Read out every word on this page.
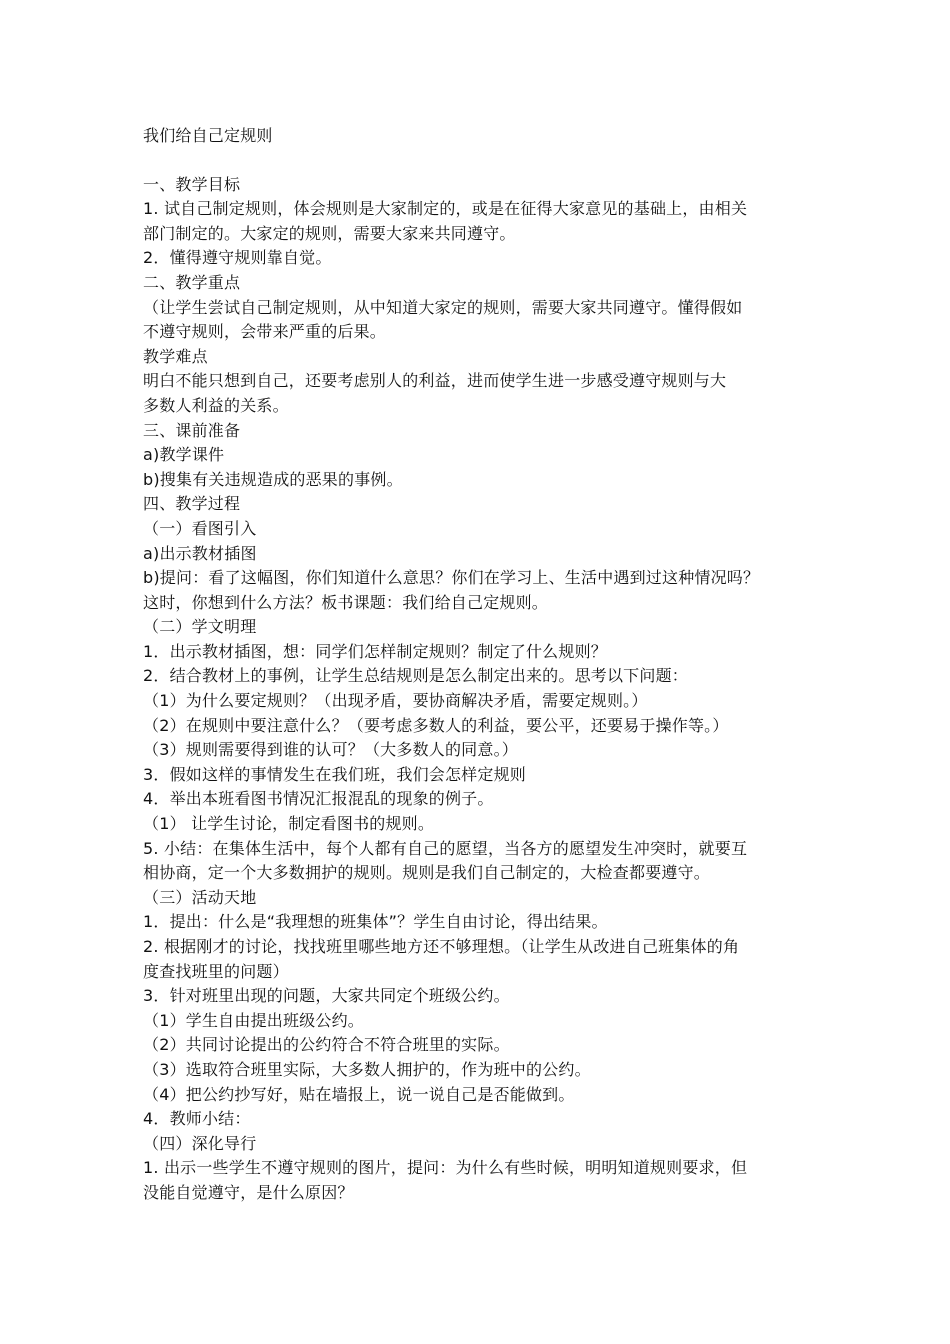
我们给自己定规则

一、教学目标

1. 试自己制定规则，体会规则是大家制定的，或是在征得大家意见的基础上，由相关

部门制定的。大家定的规则，需要大家来共同遵守。

2．懂得遵守规则靠自觉。

二、教学重点

（让学生尝试自己制定规则，从中知道大家定的规则，需要大家共同遵守。懂得假如

不遵守规则，会带来严重的后果。

教学难点

明白不能只想到自己，还要考虑别人的利益，进而使学生进一步感受遵守规则与大

多数人利益的关系。

三、课前准备

a)教学课件

b)搜集有关违规造成的恶果的事例。

四、教学过程

（一）看图引入

a)出示教材插图

b)提问：看了这幅图，你们知道什么意思？你们在学习上、生活中遇到过这种情况吗？

这时，你想到什么方法？板书课题：我们给自己定规则。

（二）学文明理

1．出示教材插图，想：同学们怎样制定规则？制定了什么规则？

2．结合教材上的事例，让学生总结规则是怎么制定出来的。思考以下问题：

（1）为什么要定规则？（出现矛盾，要协商解决矛盾，需要定规则。）

（2）在规则中要注意什么？（要考虑多数人的利益，要公平，还要易于操作等。）

（3）规则需要得到谁的认可？（大多数人的同意。）

3．假如这样的事情发生在我们班，我们会怎样定规则

4．举出本班看图书情况汇报混乱的现象的例子。

（1） 让学生讨论，制定看图书的规则。

5. 小结：在集体生活中，每个人都有自己的愿望，当各方的愿望发生冲突时，就要互

相协商，定一个大多数拥护的规则。规则是我们自己制定的，大检查都要遵守。

（三）活动天地

1．提出：什么是“我理想的班集体”？学生自由讨论，得出结果。

2. 根据刚才的讨论，找找班里哪些地方还不够理想。（让学生从改进自己班集体的角

度查找班里的问题）

3．针对班里出现的问题，大家共同定个班级公约。

（1）学生自由提出班级公约。

（2）共同讨论提出的公约符合不符合班里的实际。

（3）选取符合班里实际，大多数人拥护的，作为班中的公约。

（4）把公约抄写好，贴在墙报上，说一说自己是否能做到。

4．教师小结：

（四）深化导行

1. 出示一些学生不遵守规则的图片，提问：为什么有些时候，明明知道规则要求，但

没能自觉遵守，是什么原因？
